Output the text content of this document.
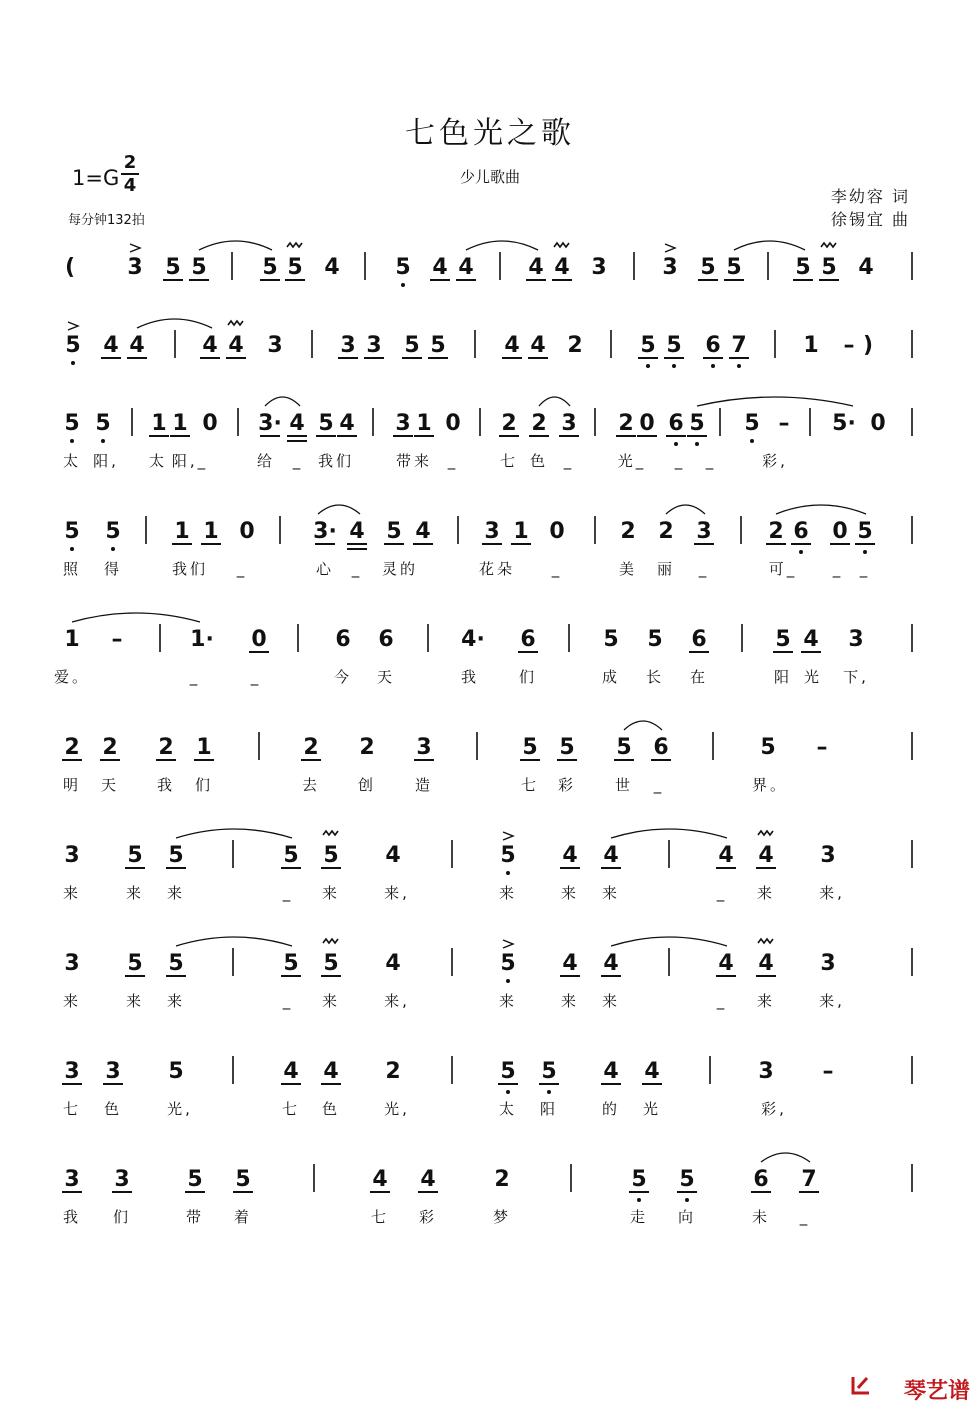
七色光之歌
少儿歌曲
1=G
2
4
每分钟132拍
李幼容 词
徐锡宜 曲
( 3 5 5	5 5 4	5 4 4 4 4 3	3 5 5 5 5 4
5 4 4	4 4 3	3 3 5 5	4 4 2	5 5 6 7	1 – )
5 5 1 1 0 3· 4 5 4 3 1 0 2 2 3 2 0 6 5 5 – 5· 0
太 阳, 太 阳,_	给 _ 我们	带来 _	七 色 _	光_ _ _	彩,
5 5 1 1 0	3· 4 5 4 3 1 0	2 2 3	2 6 0 5
照 得	我们 _	心 _ 灵的	花朵 _	美 丽 _	可_ _ _
1 –	1· 0	6 6	4· 6	5 5 6	5 4 3
爱。	_	_	今 天	我	们	成 长 在	阳 光 下,
2 2 2 1	2 2 3	5 5 5 6	5 –
明 天	我 们	去	创	造	七 彩	世 _	界。
3 5 5	5 5 4	5 4 4	4 4 3
来	来 来	_ 来	来,	来	来 来	_ 来	来,
3 5 5	5 5 4	5 4 4	4 4 3
来	来 来	_ 来	来,	来	来 来	_ 来	来,
3 3 5	4 4 2	5 5 4 4	3 –
七 色	光,	七 色	光,	太 阳	的 光	彩,
3 3	5 5	4 4	2	5 5	6 7
我 们	带 着	七 彩	梦	走 向	未 _
琴艺谱
